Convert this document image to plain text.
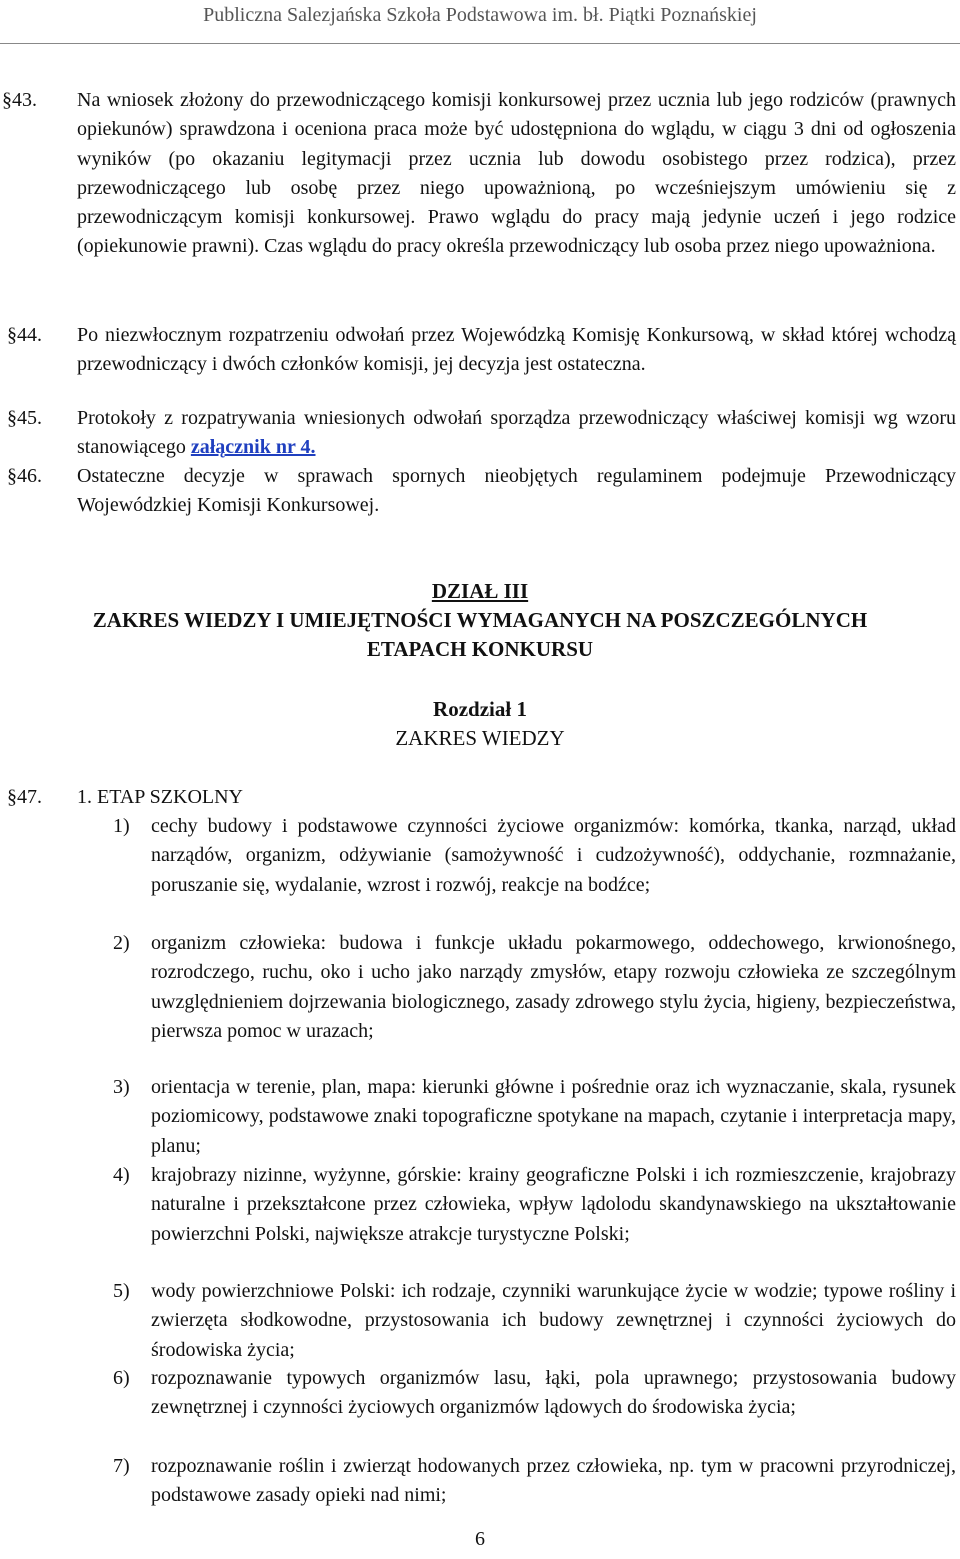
Publiczna Salezjańska Szkoła Podstawowa im. bł. Piątki Poznańskiej
§43. Na wniosek złożony do przewodniczącego komisji konkursowej przez ucznia lub jego rodziców (prawnych opiekunów) sprawdzona i oceniona praca może być udostępniona do wglądu, w ciągu 3 dni od ogłoszenia wyników (po okazaniu legitymacji przez ucznia lub dowodu osobistego przez rodzica), przez przewodniczącego lub osobę przez niego upoważnioną, po wcześniejszym umówieniu się z przewodniczącym komisji konkursowej. Prawo wglądu do pracy mają jedynie uczeń i jego rodzice (opiekunowie prawni). Czas wglądu do pracy określa przewodniczący lub osoba przez niego upoważniona.
§44. Po niezwłocznym rozpatrzeniu odwołań przez Wojewódzką Komisję Konkursową, w skład której wchodzą przewodniczący i dwóch członków komisji, jej decyzja jest ostateczna.
§45. Protokoły z rozpatrywania wniesionych odwołań sporządza przewodniczący właściwej komisji wg wzoru stanowiącego załącznik nr 4.
§46. Ostateczne decyzje w sprawach spornych nieobjętych regulaminem podejmuje Przewodniczący Wojewódzkiej Komisji Konkursowej.
DZIAŁ III
ZAKRES WIEDZY I UMIEJĘTNOŚCI WYMAGANYCH NA POSZCZEGÓLNYCH
ETAPACH KONKURSU
Rozdział 1
ZAKRES WIEDZY
§47. 1. ETAP SZKOLNY
1) cechy budowy i podstawowe czynności życiowe organizmów: komórka, tkanka, narząd, układ narządów, organizm, odżywianie (samożywność i cudzożywność), oddychanie, rozmnażanie, poruszanie się, wydalanie, wzrost i rozwój, reakcje na bodźce;
2) organizm człowieka: budowa i funkcje układu pokarmowego, oddechowego, krwionośnego, rozrodczego, ruchu, oko i ucho jako narządy zmysłów, etapy rozwoju człowieka ze szczególnym uwzględnieniem dojrzewania biologicznego, zasady zdrowego stylu życia, higieny, bezpieczeństwa, pierwsza pomoc w urazach;
3) orientacja w terenie, plan, mapa: kierunki główne i pośrednie oraz ich wyznaczanie, skala, rysunek poziomicowy, podstawowe znaki topograficzne spotykane na mapach, czytanie i interpretacja mapy, planu;
4) krajobrazy nizinne, wyżynne, górskie: krainy geograficzne Polski i ich rozmieszczenie, krajobrazy naturalne i przekształcone przez człowieka, wpływ lądolodu skandynawskiego na ukształtowanie powierzchni Polski, największe atrakcje turystyczne Polski;
5) wody powierzchniowe Polski: ich rodzaje, czynniki warunkujące życie w wodzie; typowe rośliny i zwierzęta słodkowodne, przystosowania ich budowy zewnętrznej i czynności życiowych do środowiska życia;
6) rozpoznawanie typowych organizmów lasu, łąki, pola uprawnego; przystosowania budowy zewnętrznej i czynności życiowych organizmów lądowych do środowiska życia;
7) rozpoznawanie roślin i zwierząt hodowanych przez człowieka, np. tym w pracowni przyrodniczej, podstawowe zasady opieki nad nimi;
6
